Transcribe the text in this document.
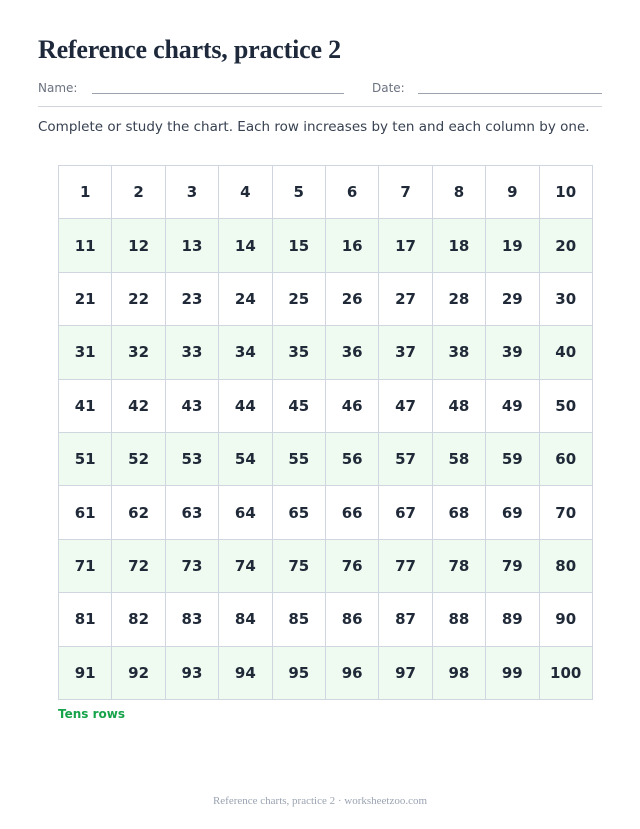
Reference charts, practice 2
Name:	Date:
Complete or study the chart. Each row increases by ten and each column by one.
1	2	3	4	5	6	7	8	9	10
11	12	13	14	15	16	17	18	19	20
21	22	23	24	25	26	27	28	29	30
31	32	33	34	35	36	37	38	39	40
41	42	43	44	45	46	47	48	49	50
51	52	53	54	55	56	57	58	59	60
61	62	63	64	65	66	67	68	69	70
71	72	73	74	75	76	77	78	79	80
81	82	83	84	85	86	87	88	89	90
91	92	93	94	95	96	97	98	99	100
Tens rows
Reference charts, practice 2 · worksheetzoo.com
